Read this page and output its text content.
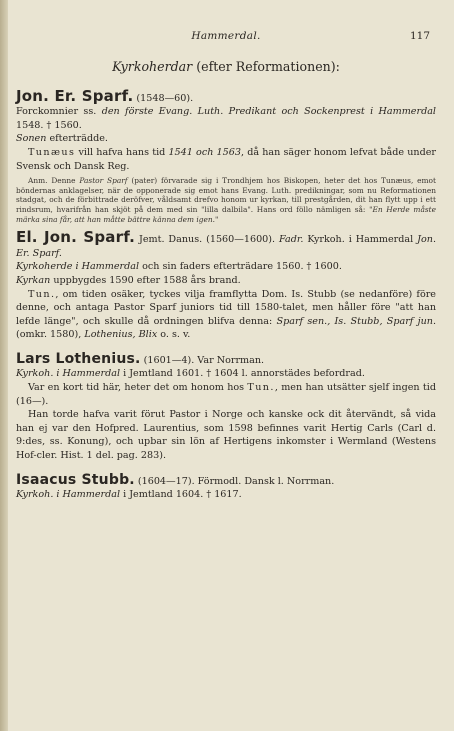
Hammerdal.	117
Kyrkoherdar (efter Reformationen):

Jon. Er. Sparf. (1548—60).

Forckomnier ss. den förste Evang. Luth. Predikant och Sockenprest i Hammerdal 1548. † 1560.

Sonen efterträdde.

Tunæus vill hafva hans tid 1541 och 1563, då han säger honom lefvat både under Svensk och Dansk Reg.

Anm. Denne Pastor Sparf (pater) förvarade sig i Trondhjem hos Biskopen, heter det hos Tunæus, emot böndernas anklagelser, när de opponerade sig emot hans Evang. Luth. predikningar, som nu Reformationen stadgat, och de förbittrade deröfver, våldsamt drefvo honom ur kyrkan, till prestgården, dit han flytt upp i ett rindsrum, hvarifrån han skjöt på dem med sin "lilla dalbila". Hans ord föllo nämligen så: "En Herde måste märka sina får, att han måtte bättre känna dem igen."

El. Jon. Sparf. Jemt. Danus. (1560—1600). Fadr. Kyrkoh. i Hammerdal Jon. Er. Sparf.

Kyrkoherde i Hammerdal och sin faders efterträdare 1560. † 1600.

Kyrkan uppbygdes 1590 efter 1588 års brand.

Tun., om tiden osäker, tyckes vilja framflytta Dom. Is. Stubb (se nedanföre) före denne, och antaga Pastor Sparf juniors tid till 1580-talet, men håller före "att han lefde länge", och skulle då ordningen blifva denna: Sparf sen., Is. Stubb, Sparf jun. (omkr. 1580), Lothenius, Blix o. s. v.

Lars Lothenius. (1601—4). Var Norrman.

Kyrkoh. i Hammerdal i Jemtland 1601. † 1604 l. annorstädes befordrad.

Var en kort tid här, heter det om honom hos Tun., men han utsätter sjelf ingen tid (16—).

Han torde hafva varit förut Pastor i Norge och kanske ock dit återvändt, så vida han ej var den Hofpred. Laurentius, som 1598 befinnes varit Hertig Carls (Carl d. 9:des, ss. Konung), och upbar sin lön af Hertigens inkomster i Wermland (Westens Hof-cler. Hist. 1 del. pag. 283).

Isaacus Stubb. (1604—17). Förmodl. Dansk l. Norrman.

Kyrkoh. i Hammerdal i Jemtland 1604. † 1617.
